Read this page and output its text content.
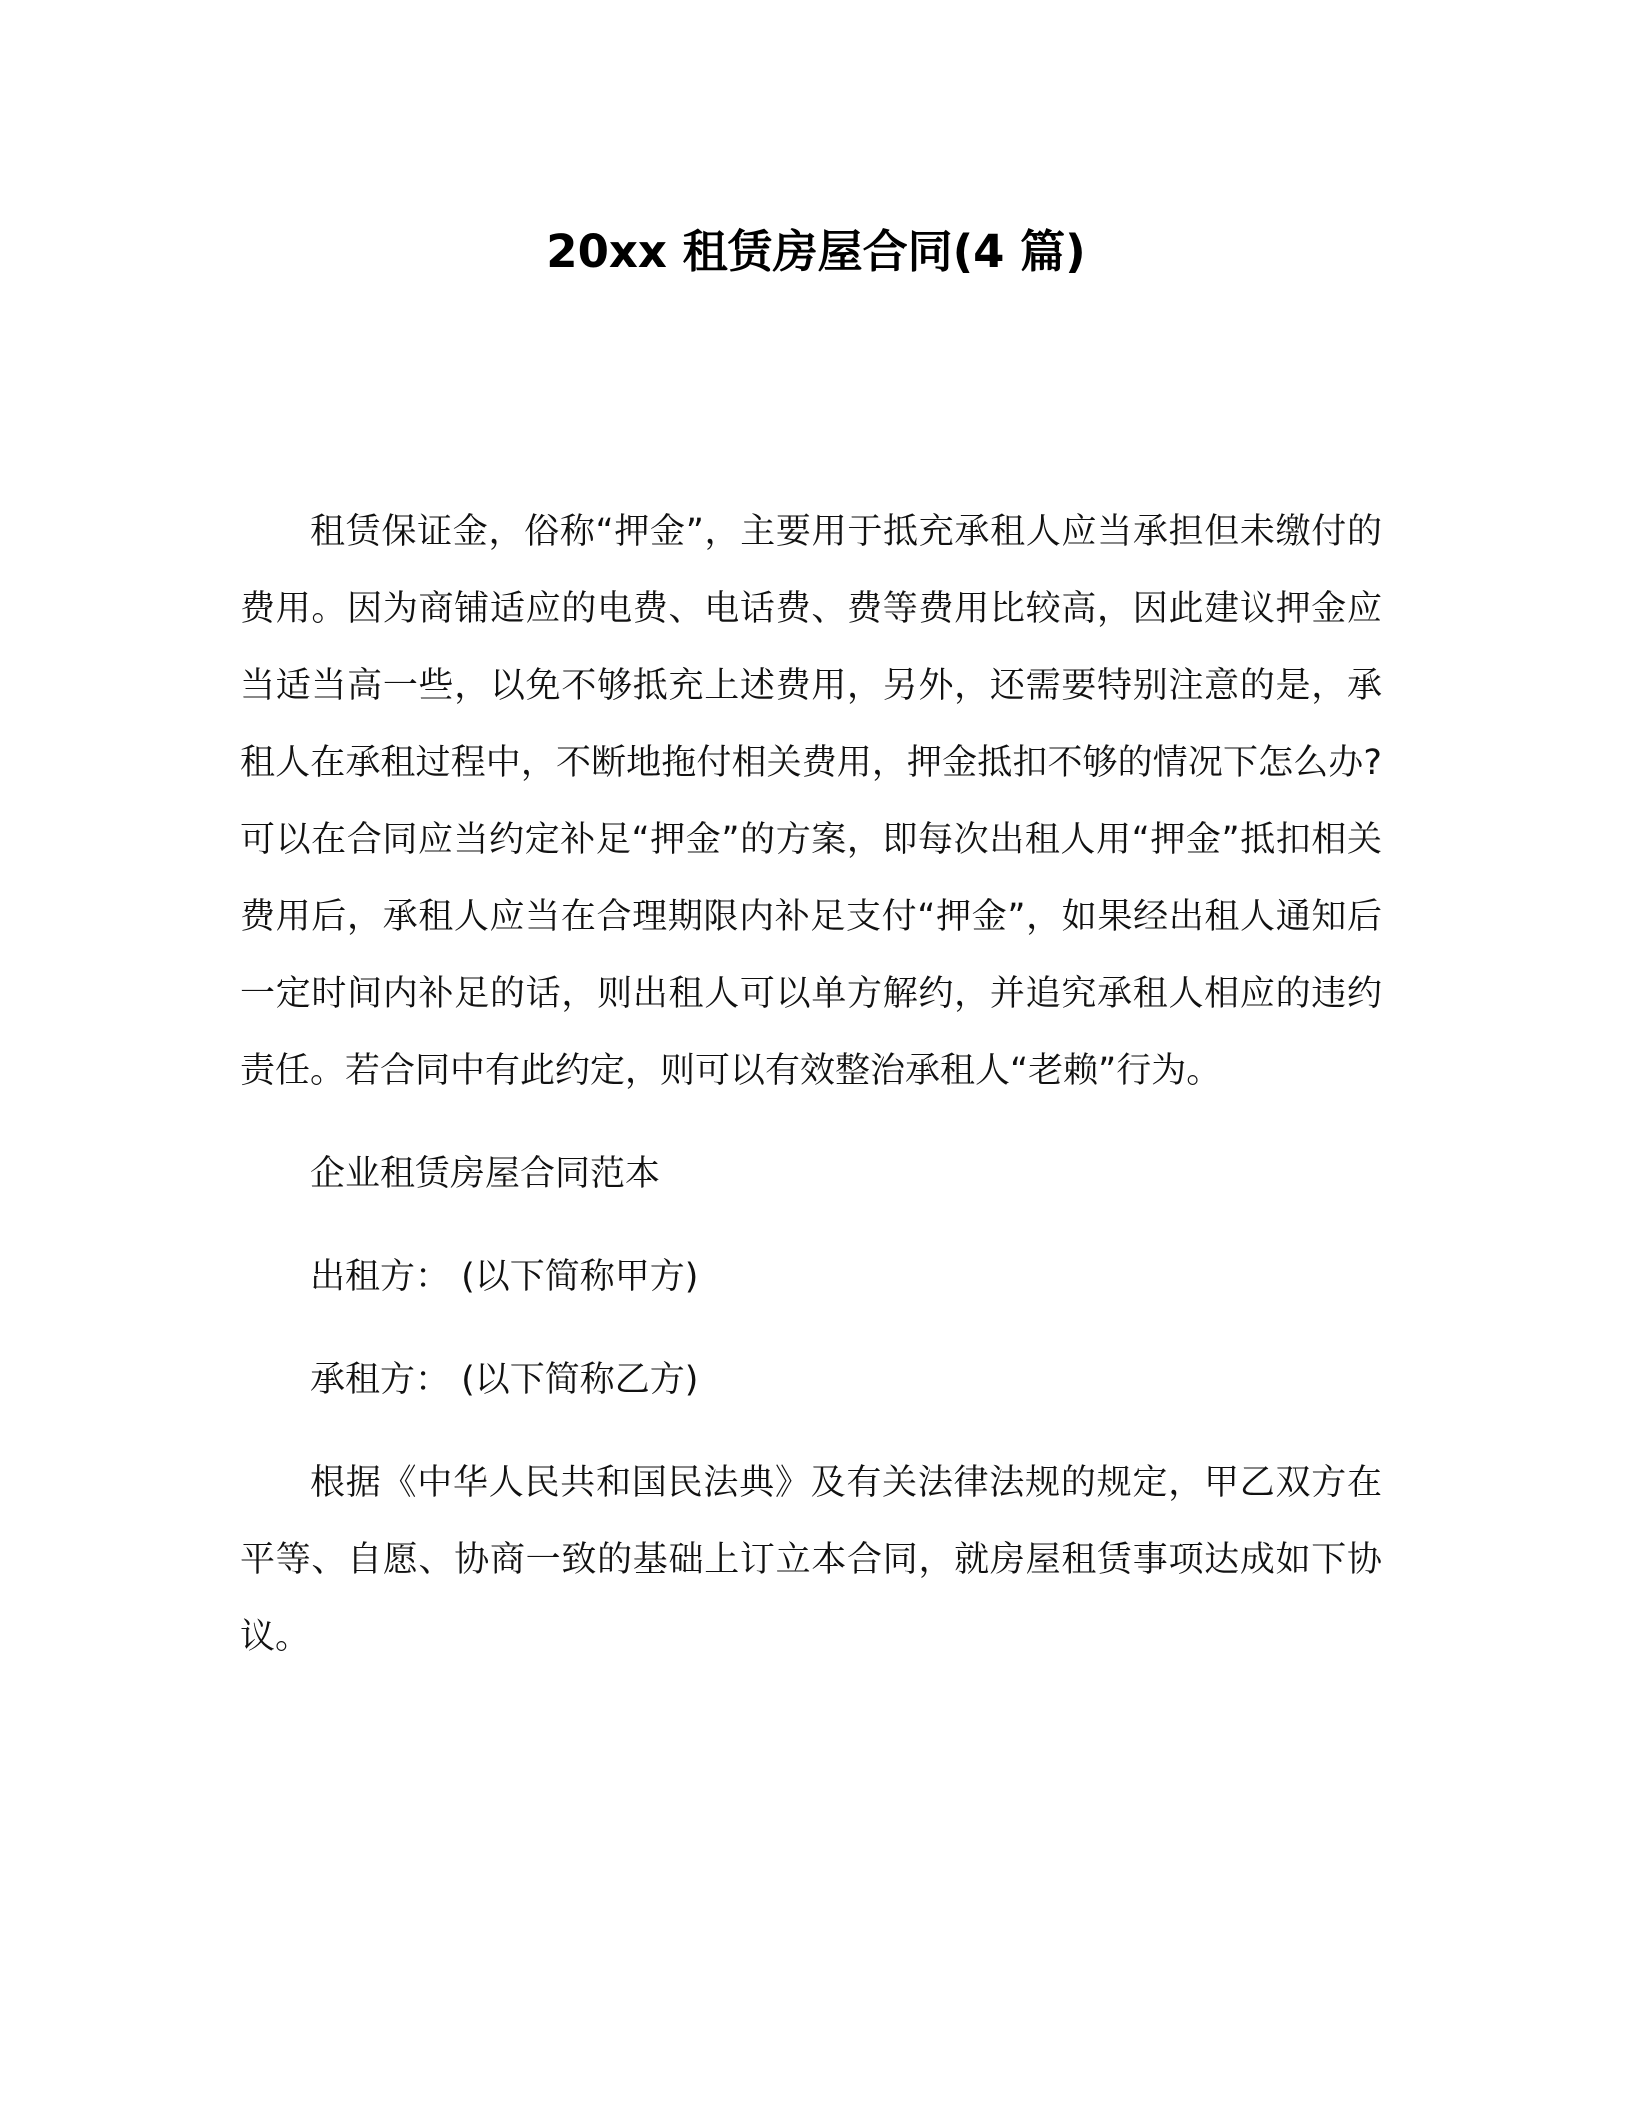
20xx 租赁房屋合同(4 篇)

租赁保证金，俗称“押金”，主要用于抵充承租人应当承担但未缴付的费用。因为商铺适应的电费、电话费、费等费用比较高，因此建议押金应当适当高一些，以免不够抵充上述费用，另外，还需要特别注意的是，承租人在承租过程中，不断地拖付相关费用，押金抵扣不够的情况下怎么办?可以在合同应当约定补足“押金”的方案，即每次出租人用“押金”抵扣相关费用后，承租人应当在合理期限内补足支付“押金”，如果经出租人通知后一定时间内补足的话，则出租人可以单方解约，并追究承租人相应的违约责任。若合同中有此约定，则可以有效整治承租人“老赖”行为。

企业租赁房屋合同范本

出租方： (以下简称甲方)

承租方： (以下简称乙方)

根据《中华人民共和国民法典》及有关法律法规的规定，甲乙双方在平等、自愿、协商一致的基础上订立本合同，就房屋租赁事项达成如下协议。
